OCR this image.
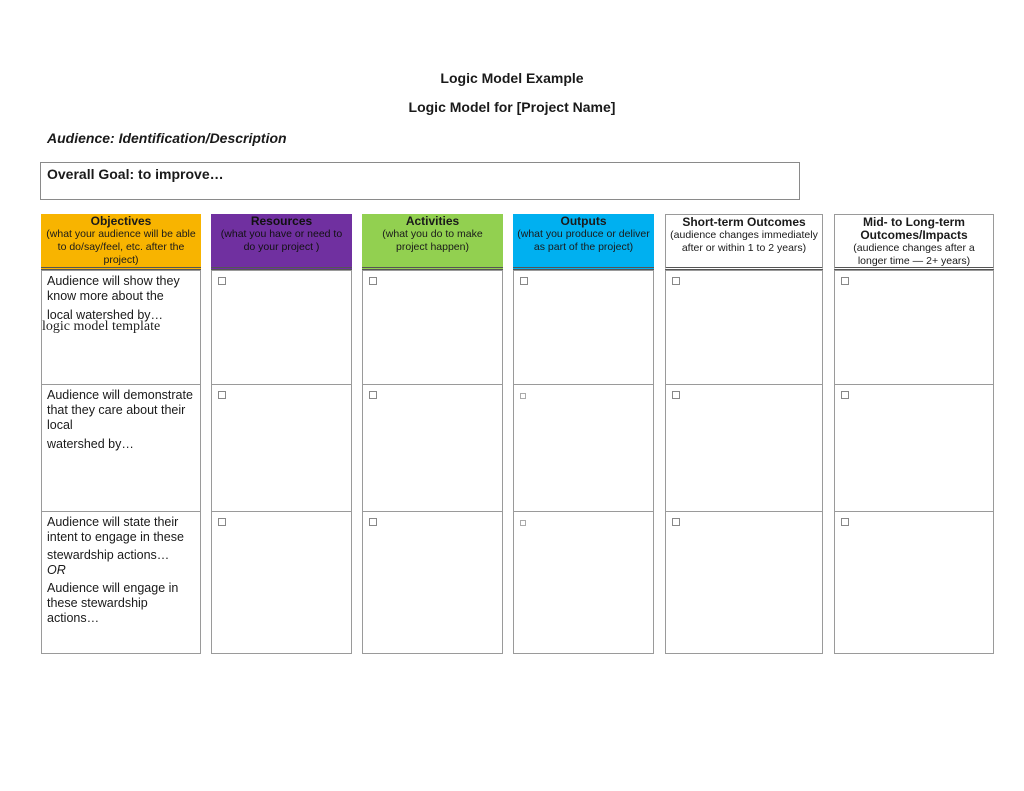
Logic Model Example
Logic Model for [Project Name]
Audience: Identification/Description
Overall Goal: to improve…
Objectives
(what your audience will be able to do/say/feel, etc. after the project)

Audience will show they know more about the

local watershed by…

Audience will demonstrate that they care about their local

watershed by…

Audience will state their intent to engage in these

stewardship actions…

OR

Audience will engage in these stewardship actions…

Resources
(what you have or need to do your project )
Activities
(what you do to make project happen)
Outputs
(what you produce or deliver as part of the project)
Short-term Outcomes
(audience changes immediately after or within 1 to 2 years)
Mid- to Long-term Outcomes/Impacts
(audience changes after a longer time — 2+ years)
logic model template
